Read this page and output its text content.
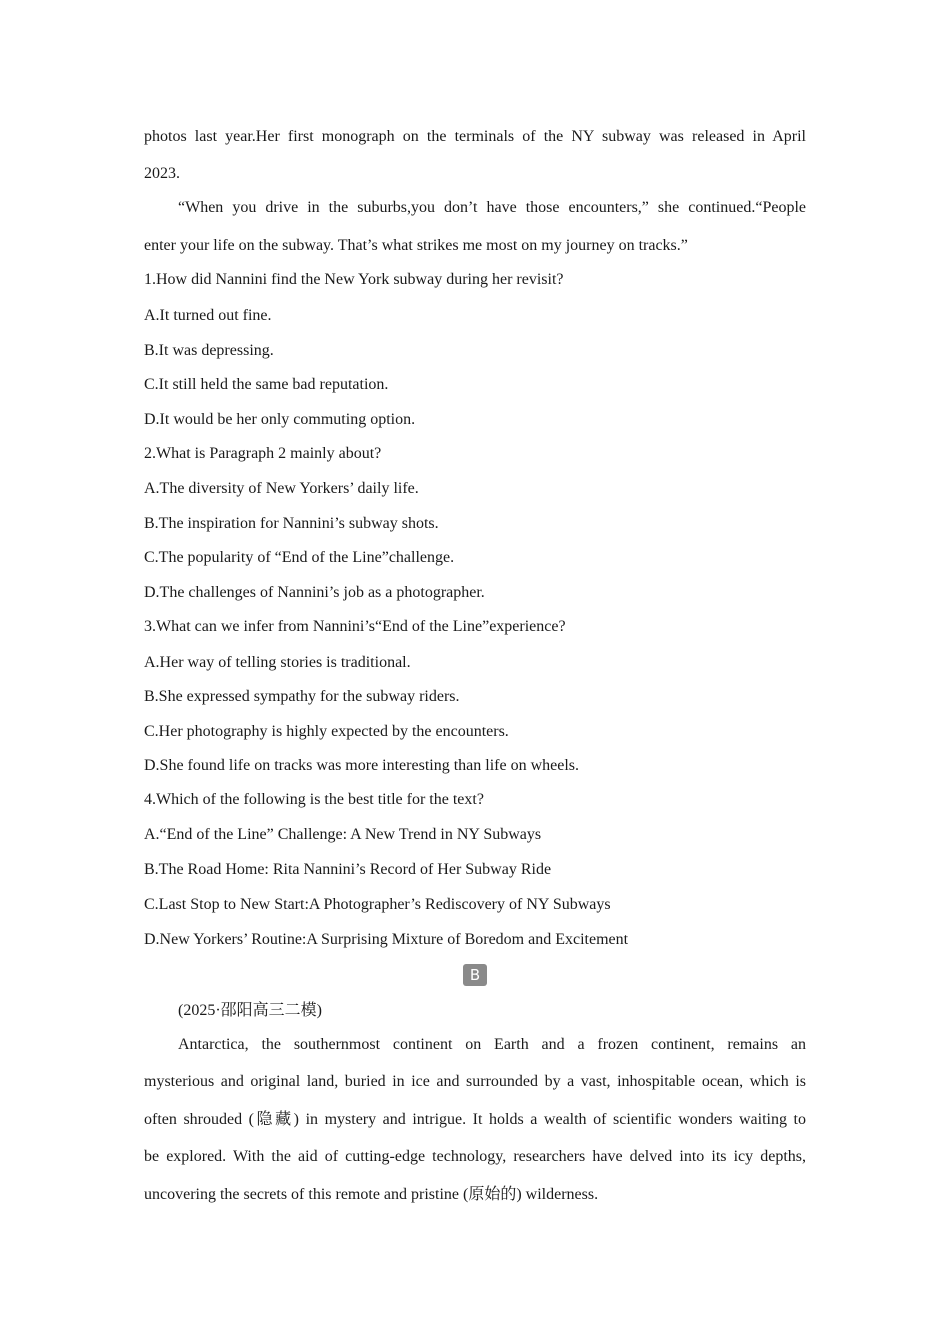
photos last year.Her first monograph on the terminals of the NY subway was released in April
2023.
“When you drive in the suburbs,you don’t have those encounters,” she continued.“People
enter your life on the subway. That’s what strikes me most on my journey on tracks.”
1.How did Nannini find the New York subway during her revisit?
A.It turned out fine.
B.It was depressing.
C.It still held the same bad reputation.
D.It would be her only commuting option.
2.What is Paragraph 2 mainly about?
A.The diversity of New Yorkers’ daily life.
B.The inspiration for Nannini’s subway shots.
C.The popularity of “End of the Line”challenge.
D.The challenges of Nannini’s job as a photographer.
3.What can we infer from Nannini’s“End of the Line”experience?
A.Her way of telling stories is traditional.
B.She expressed sympathy for the subway riders.
C.Her photography is highly expected by the encounters.
D.She found life on tracks was more interesting than life on wheels.
4.Which of the following is the best title for the text?
A.“End of the Line” Challenge: A New Trend in NY Subways
B.The Road Home: Rita Nannini’s Record of Her Subway Ride
C.Last Stop to New Start:A Photographer’s Rediscovery of NY Subways
D.New Yorkers’ Routine:A Surprising Mixture of Boredom and Excitement
B
(2025·邵阳高三二模)
Antarctica, the southernmost continent on Earth and a frozen continent, remains an
mysterious and original land, buried in ice and surrounded by a vast, inhospitable ocean, which is
often shrouded (隐藏) in mystery and intrigue. It holds a wealth of scientific wonders waiting to
be explored. With the aid of cutting-edge technology, researchers have delved into its icy depths,
uncovering the secrets of this remote and pristine (原始的) wilderness.
